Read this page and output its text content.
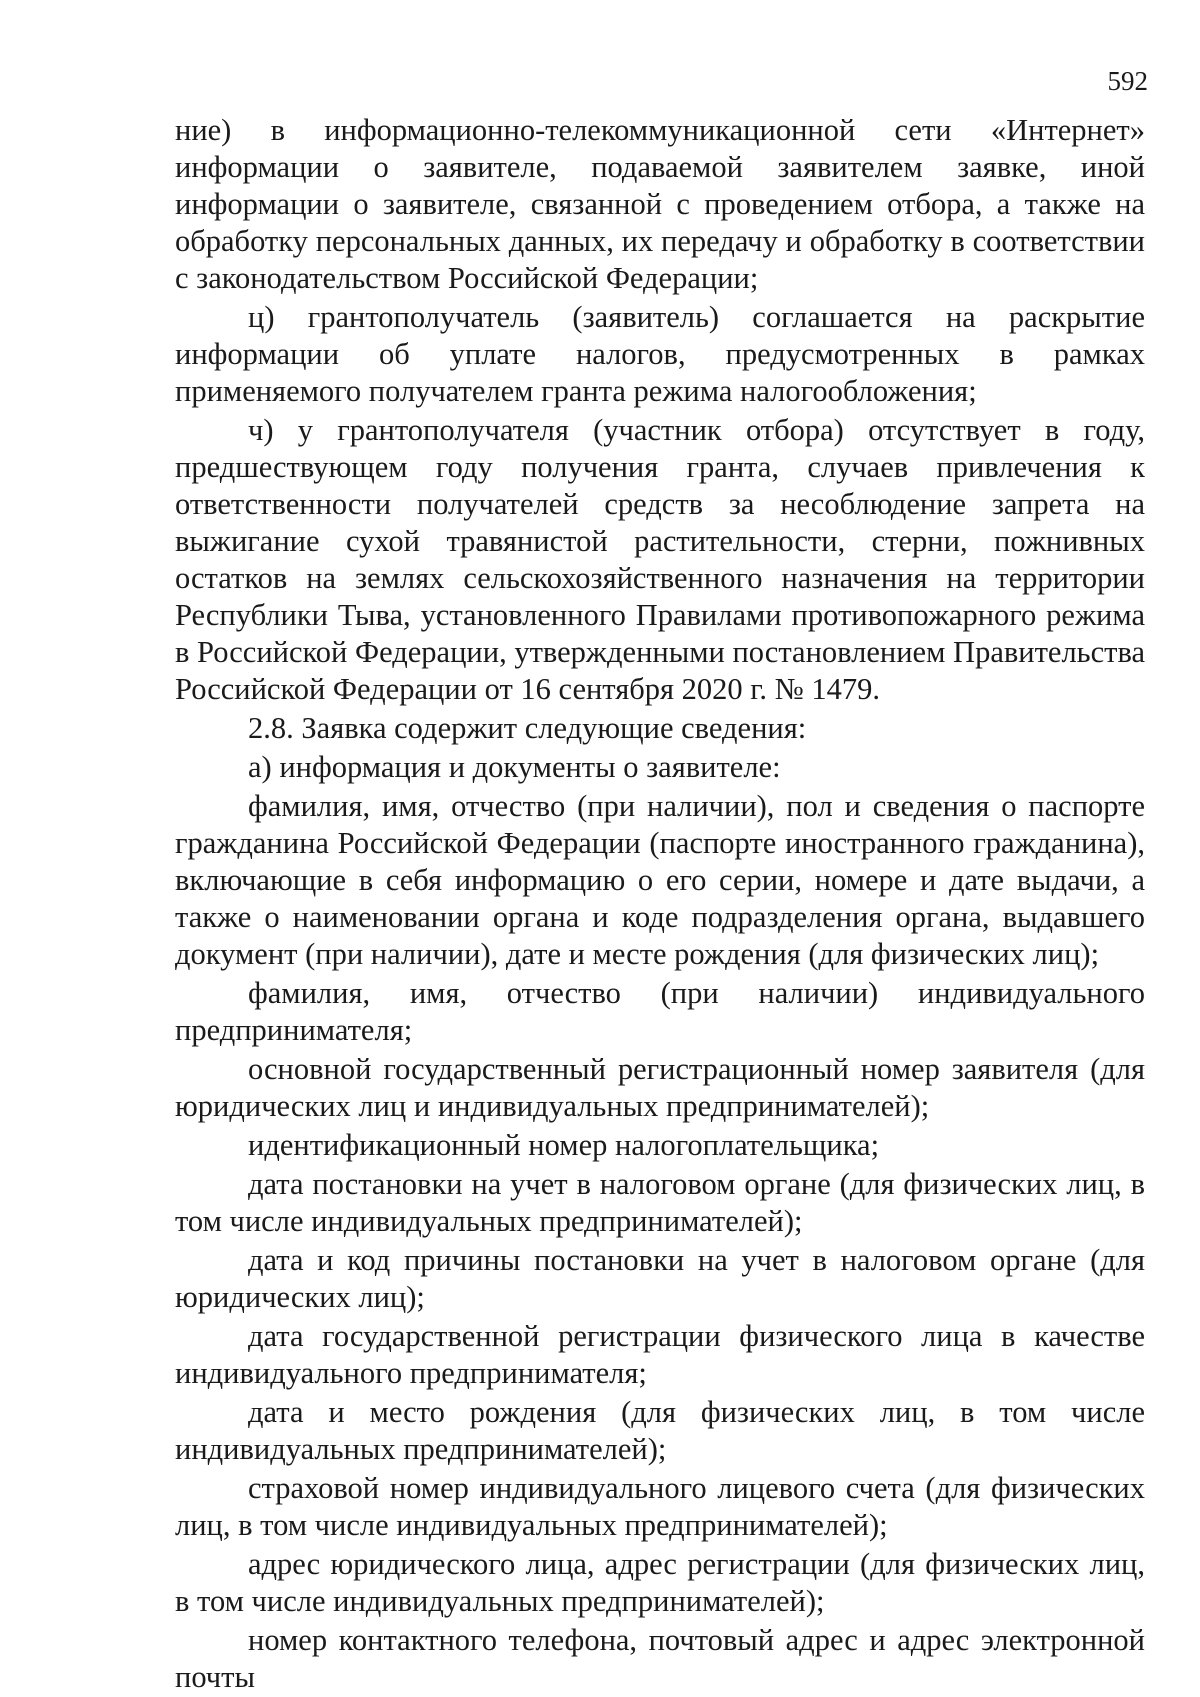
592

ние) в информационно-телекоммуникационной сети «Интернет» информации о заявителе, подаваемой заявителем заявке, иной информации о заявителе, связанной с проведением отбора, а также на обработку персональных данных, их передачу и обработку в соответствии с законодательством Российской Федерации;

ц) грантополучатель (заявитель) соглашается на раскрытие информации об уплате налогов, предусмотренных в рамках применяемого получателем гранта режима налогообложения;

ч) у грантополучателя (участник отбора) отсутствует в году, предшествующем году получения гранта, случаев привлечения к ответственности получателей средств за несоблюдение запрета на выжигание сухой травянистой растительности, стерни, пожнивных остатков на землях сельскохозяйственного назначения на территории Республики Тыва, установленного Правилами противопожарного режима в Российской Федерации, утвержденными постановлением Правительства Российской Федерации от 16 сентября 2020 г. № 1479.

2.8. Заявка содержит следующие сведения:

а) информация и документы о заявителе:

фамилия, имя, отчество (при наличии), пол и сведения о паспорте гражданина Российской Федерации (паспорте иностранного гражданина), включающие в себя информацию о его серии, номере и дате выдачи, а также о наименовании органа и коде подразделения органа, выдавшего документ (при наличии), дате и месте рождения (для физических лиц);

фамилия, имя, отчество (при наличии) индивидуального предпринимателя;

основной государственный регистрационный номер заявителя (для юридических лиц и индивидуальных предпринимателей);

идентификационный номер налогоплательщика;

дата постановки на учет в налоговом органе (для физических лиц, в том числе индивидуальных предпринимателей);

дата и код причины постановки на учет в налоговом органе (для юридических лиц);

дата государственной регистрации физического лица в качестве индивидуального предпринимателя;

дата и место рождения (для физических лиц, в том числе индивидуальных предпринимателей);

страховой номер индивидуального лицевого счета (для физических лиц, в том числе индивидуальных предпринимателей);

адрес юридического лица, адрес регистрации (для физических лиц, в том числе индивидуальных предпринимателей);

номер контактного телефона, почтовый адрес и адрес электронной почты
